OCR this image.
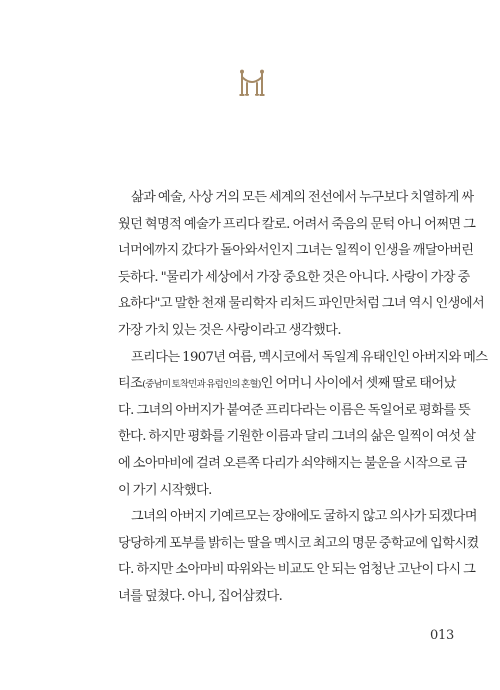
삶과 예술, 사상 거의 모든 세계의 전선에서 누구보다 치열하게 싸
웠던 혁명적 예술가 프리다 칼로. 어려서 죽음의 문턱 아니 어쩌면 그
너머에까지 갔다가 돌아와서인지 그녀는 일찍이 인생을 깨달아버린
듯하다. "물리가 세상에서 가장 중요한 것은 아니다. 사랑이 가장 중
요하다"고 말한 천재 물리학자 리처드 파인만처럼 그녀 역시 인생에서
가장 가치 있는 것은 사랑이라고 생각했다.

프리다는 1907년 여름, 멕시코에서 독일계 유태인인 아버지와 메스
티조(중남미 토착민과 유럽인의 혼혈)인 어머니 사이에서 셋째 딸로 태어났
다. 그녀의 아버지가 붙여준 프리다라는 이름은 독일어로 평화를 뜻
한다. 하지만 평화를 기원한 이름과 달리 그녀의 삶은 일찍이 여섯 살
에 소아마비에 걸려 오른쪽 다리가 쇠약해지는 불운을 시작으로 금
이 가기 시작했다.

그녀의 아버지 기예르모는 장애에도 굴하지 않고 의사가 되겠다며
당당하게 포부를 밝히는 딸을 멕시코 최고의 명문 중학교에 입학시켰
다. 하지만 소아마비 따위와는 비교도 안 되는 엄청난 고난이 다시 그
녀를 덮쳤다. 아니, 집어삼켰다.

013
